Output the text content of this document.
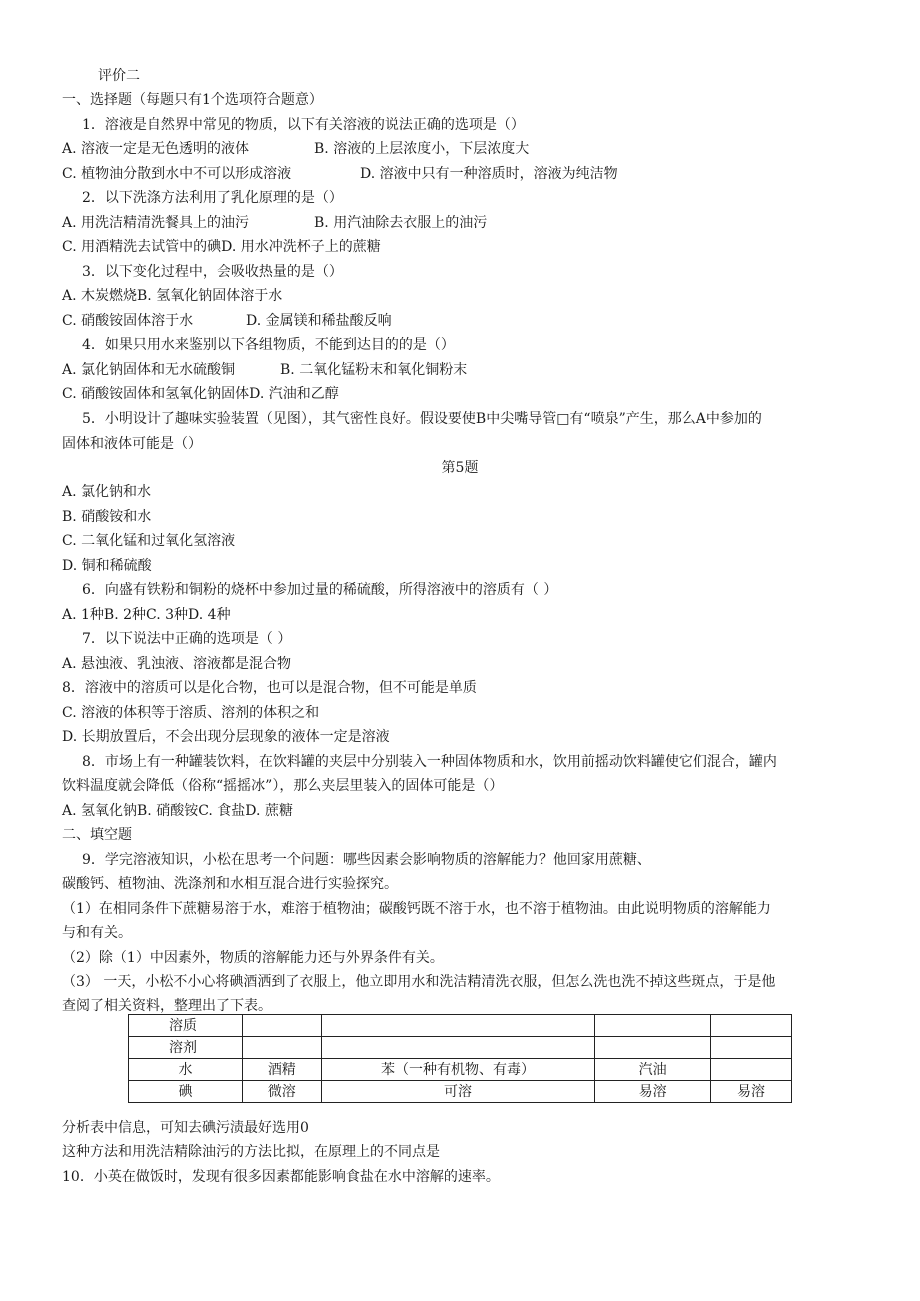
评价二
一、选择题（每题只有1个选项符合题意）
1．溶液是自然界中常见的物质，以下有关溶液的说法正确的选项是（）
A. 溶液一定是无色透明的液体	B. 溶液的上层浓度小，下层浓度大
C. 植物油分散到水中不可以形成溶液	D. 溶液中只有一种溶质时，溶液为纯洁物
2．以下洗涤方法利用了乳化原理的是（）
A. 用洗洁精清洗餐具上的油污	B. 用汽油除去衣服上的油污
C. 用酒精洗去试管中的碘D. 用水冲洗杯子上的蔗糖
3．以下变化过程中，会吸收热量的是（）
A. 木炭燃烧B. 氢氧化钠固体溶于水
C. 硝酸铵固体溶于水	D. 金属镁和稀盐酸反响
4．如果只用水来鉴别以下各组物质，不能到达目的的是（）
A. 氯化钠固体和无水硫酸铜	B. 二氧化锰粉末和氧化铜粉末
C. 硝酸铵固体和氢氧化钠固体D. 汽油和乙醇
5．小明设计了趣味实验装置（见图），其气密性良好。假设要使B中尖嘴导管□有“喷泉”产生，那么A中参加的
固体和液体可能是（）
第5题
A. 氯化钠和水
B. 硝酸铵和水
C. 二氧化锰和过氧化氢溶液
D. 铜和稀硫酸
6．向盛有铁粉和铜粉的烧杯中参加过量的稀硫酸，所得溶液中的溶质有（ ）
A. 1种B. 2种C. 3种D. 4种
7．以下说法中正确的选项是（ ）
A. 悬浊液、乳浊液、溶液都是混合物
8．溶液中的溶质可以是化合物，也可以是混合物，但不可能是单质
C. 溶液的体积等于溶质、溶剂的体积之和
D. 长期放置后，不会出现分层现象的液体一定是溶液
8．市场上有一种罐装饮料，在饮料罐的夹层中分别装入一种固体物质和水，饮用前摇动饮料罐使它们混合，罐内
饮料温度就会降低（俗称“摇摇冰”），那么夹层里装入的固体可能是（）
A. 氢氧化钠B. 硝酸铵C. 食盐D. 蔗糖
二、填空题
9．学完溶液知识，小松在思考一个问题：哪些因素会影响物质的溶解能力？他回家用蔗糖、
碳酸钙、植物油、洗涤剂和水相互混合进行实验探究。
（1）在相同条件下蔗糖易溶于水，难溶于植物油；碳酸钙既不溶于水，也不溶于植物油。由此说明物质的溶解能力
与和有关。
（2）除（1）中因素外，物质的溶解能力还与外界条件有关。
（3） 一天，小松不小心将碘酒洒到了衣服上，他立即用水和洗洁精清洗衣服，但怎么洗也洗不掉这些斑点，于是他
查阅了相关资料，整理出了下表。
溶质				
溶剂				
水	酒精	苯（一种有机物、有毒）	汽油	
碘	微溶	可溶	易溶	易溶
分析表中信息，可知去碘污渍最好选用0
这种方法和用洗洁精除油污的方法比拟，在原理上的不同点是
10．小英在做饭时，发现有很多因素都能影响食盐在水中溶解的速率。
